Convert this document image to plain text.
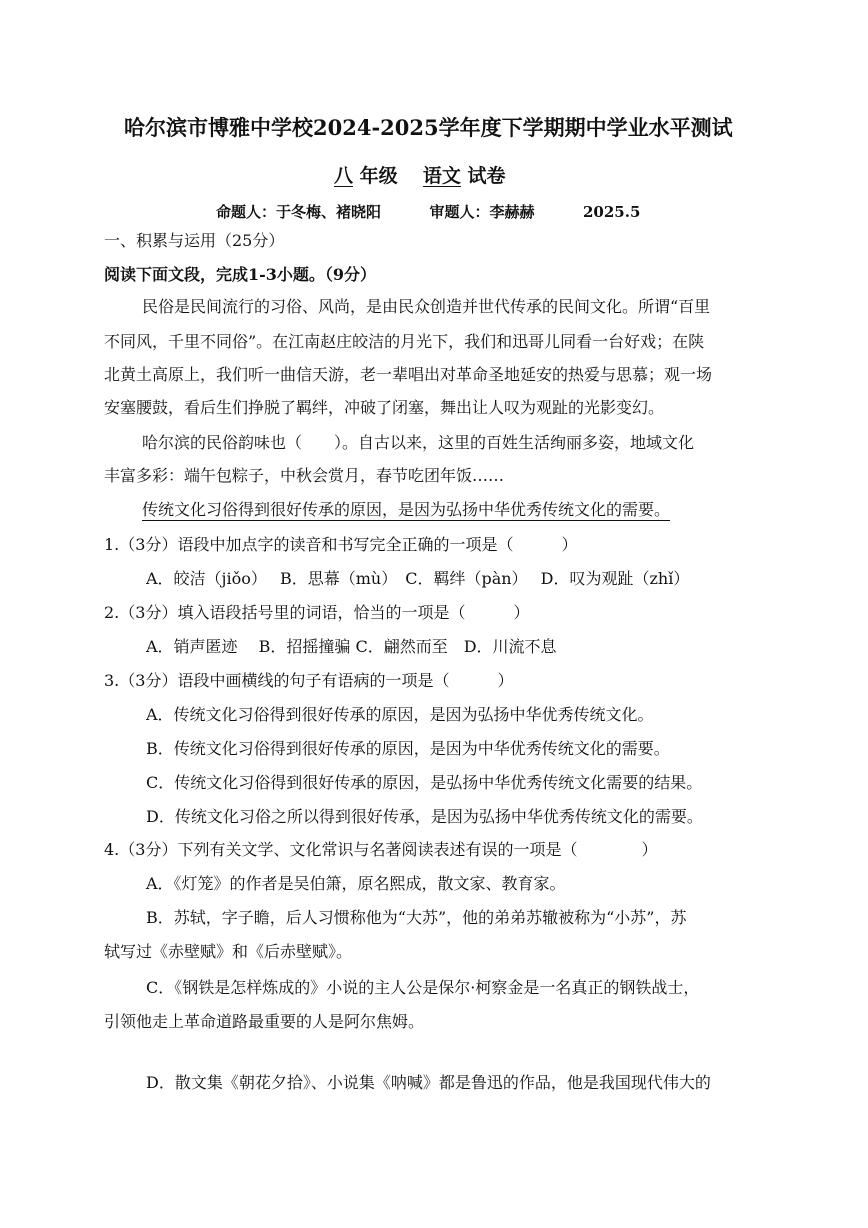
哈尔滨市博雅中学校2024-2025学年度下学期期中学业水平测试
八 年级 语文 试卷
命题人：于冬梅、褚晓阳	审题人：李赫赫	2025.5
一、积累与运用（25分）
阅读下面文段，完成1-3小题。（9分）
民俗是民间流行的习俗、风尚，是由民众创造并世代传承的民间文化。所谓“百里
不同风，千里不同俗”。在江南赵庄皎洁的月光下，我们和迅哥儿同看一台好戏；在陕
北黄土高原上，我们听一曲信天游，老一辈唱出对革命圣地延安的热爱与思慕；观一场
安塞腰鼓，看后生们挣脱了羁绊，冲破了闭塞，舞出让人叹为观趾的光影变幻。
哈尔滨的民俗韵味也（　　）。自古以来，这里的百姓生活绚丽多姿，地域文化
丰富多彩：端午包粽子，中秋会赏月，春节吃团年饭……
传统文化习俗得到很好传承的原因，是因为弘扬中华优秀传统文化的需要。
1.（3分）语段中加点字的读音和书写完全正确的一项是（　　　）
A．皎洁（jiǒo）　 B．思幕（mù）　C．羁绊（pàn）　 D．叹为观趾（zhǐ）
2.（3分）填入语段括号里的词语，恰当的一项是（　　　）
A．销声匿迹　 B．招摇撞骗 C．翩然而至　D．川流不息
3.（3分）语段中画横线的句子有语病的一项是（　　　）
A．传统文化习俗得到很好传承的原因，是因为弘扬中华优秀传统文化。
B．传统文化习俗得到很好传承的原因，是因为中华优秀传统文化的需要。
C．传统文化习俗得到很好传承的原因，是弘扬中华优秀传统文化需要的结果。
D．传统文化习俗之所以得到很好传承，是因为弘扬中华优秀传统文化的需要。
4.（3分）下列有关文学、文化常识与名著阅读表述有误的一项是（　　　　）
A．《灯笼》的作者是吴伯箫，原名熙成，散文家、教育家。
B．苏轼，字子瞻，后人习惯称他为“大苏”，他的弟弟苏辙被称为“小苏”，苏
轼写过《赤壁赋》和《后赤壁赋》。
C．《钢铁是怎样炼成的》小说的主人公是保尔·柯察金是一名真正的钢铁战士，
引领他走上革命道路最重要的人是阿尔焦姆。
D．散文集《朝花夕拾》、小说集《呐喊》都是鲁迅的作品，他是我国现代伟大的
